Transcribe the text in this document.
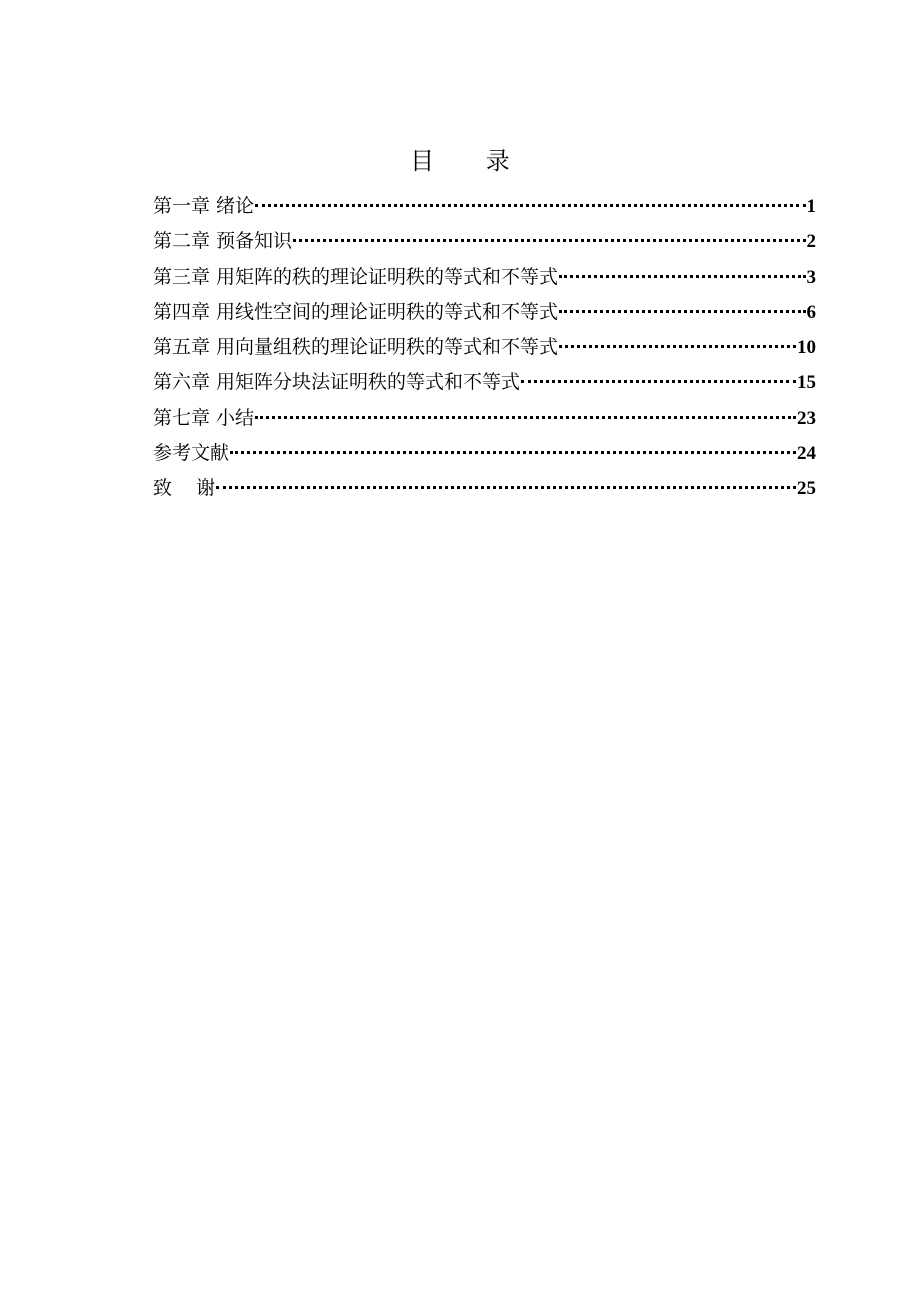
目 录
第一章 绪论	1
第二章 预备知识	2
第三章 用矩阵的秩的理论证明秩的等式和不等式	3
第四章 用线性空间的理论证明秩的等式和不等式	6
第五章 用向量组秩的理论证明秩的等式和不等式	10
第六章 用矩阵分块法证明秩的等式和不等式	15
第七章 小结	23
参考文献	24
致    谢	25
